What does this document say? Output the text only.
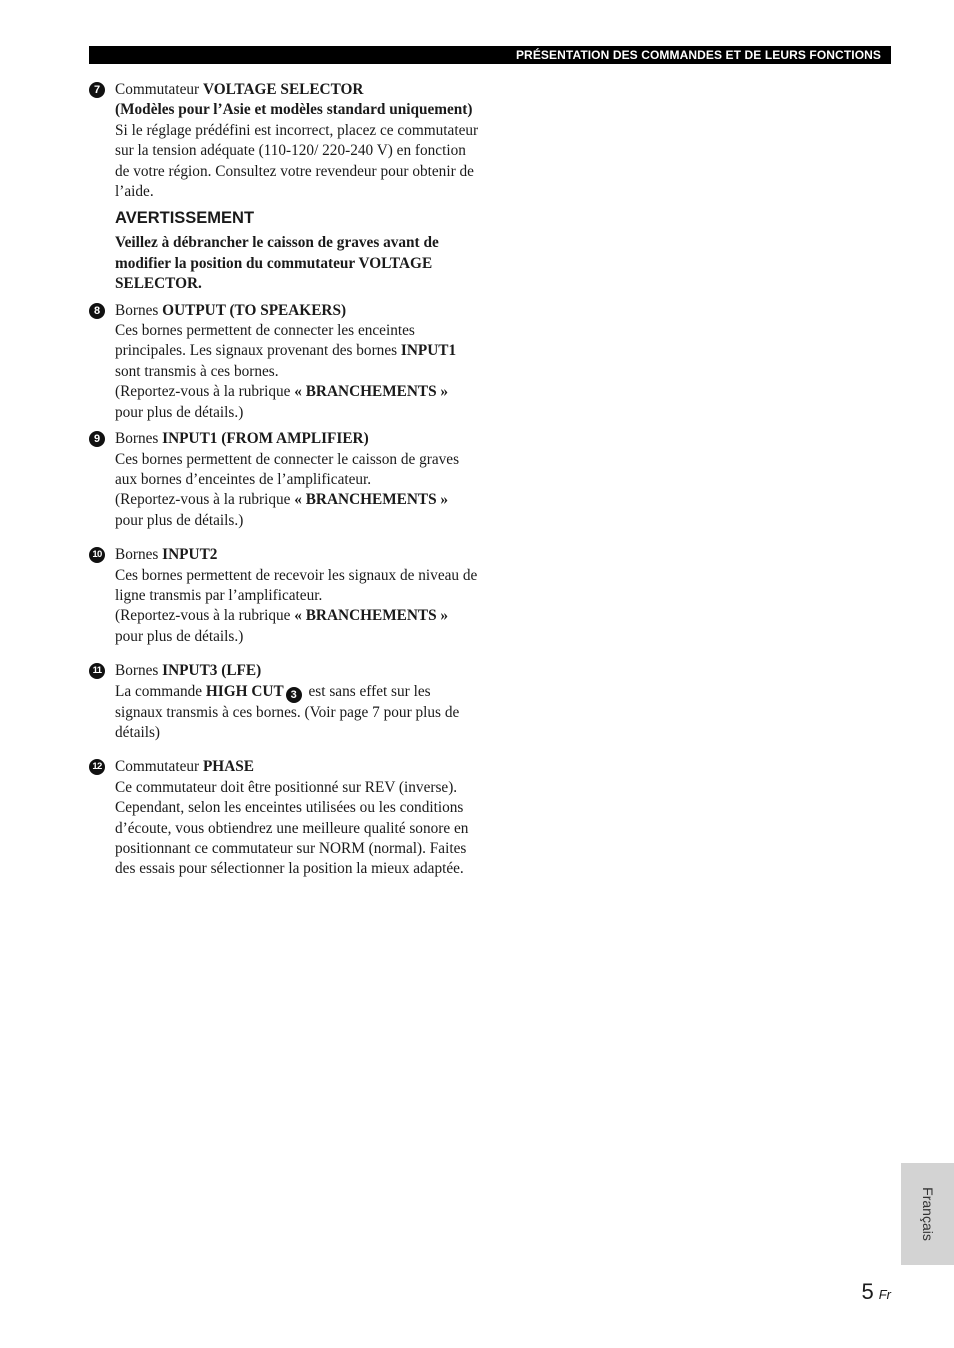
PRÉSENTATION DES COMMANDES ET DE LEURS FONCTIONS
7 Commutateur VOLTAGE SELECTOR
(Modèles pour l’Asie et modèles standard uniquement)
Si le réglage prédéfini est incorrect, placez ce commutateur sur la tension adéquate (110-120/ 220-240 V) en fonction de votre région. Consultez votre revendeur pour obtenir de l’aide.
AVERTISSEMENT
Veillez à débrancher le caisson de graves avant de modifier la position du commutateur VOLTAGE SELECTOR.
8 Bornes OUTPUT (TO SPEAKERS)
Ces bornes permettent de connecter les enceintes principales. Les signaux provenant des bornes INPUT1 sont transmis à ces bornes.
(Reportez-vous à la rubrique « BRANCHEMENTS » pour plus de détails.)
9 Bornes INPUT1 (FROM AMPLIFIER)
Ces bornes permettent de connecter le caisson de graves aux bornes d’enceintes de l’amplificateur.
(Reportez-vous à la rubrique « BRANCHEMENTS » pour plus de détails.)
10 Bornes INPUT2
Ces bornes permettent de recevoir les signaux de niveau de ligne transmis par l’amplificateur.
(Reportez-vous à la rubrique « BRANCHEMENTS » pour plus de détails.)
11 Bornes INPUT3 (LFE)
La commande HIGH CUT 3 est sans effet sur les signaux transmis à ces bornes. (Voir page 7 pour plus de détails)
12 Commutateur PHASE
Ce commutateur doit être positionné sur REV (inverse). Cependant, selon les enceintes utilisées ou les conditions d’écoute, vous obtiendrez une meilleure qualité sonore en positionnant ce commutateur sur NORM (normal). Faites des essais pour sélectionner la position la mieux adaptée.
Français
5 Fr
